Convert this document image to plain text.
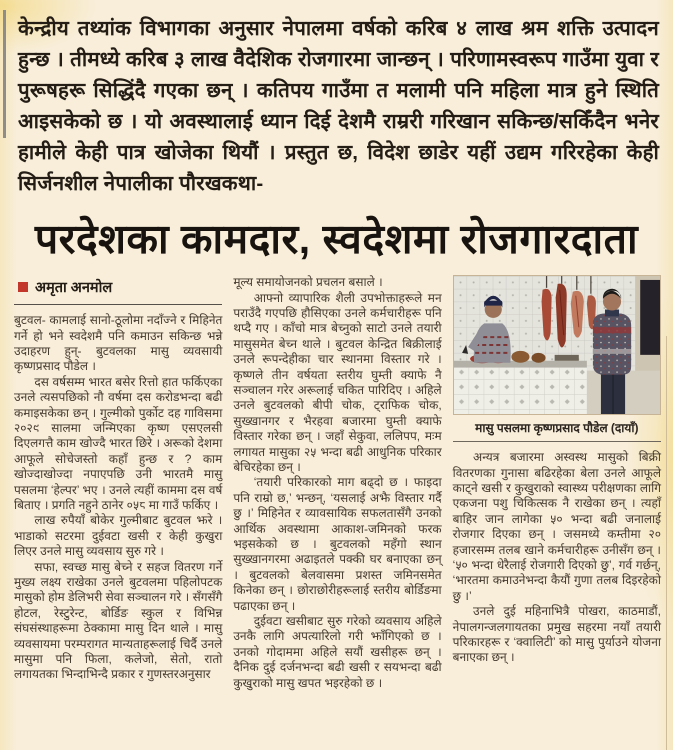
केन्द्रीय तथ्यांक विभागका अनुसार नेपालमा वर्षको करिब ४ लाख श्रम शक्ति उत्पादन हुन्छ । तीमध्ये करिब ३ लाख वैदेशिक रोजगारमा जान्छन् । परिणामस्वरूप गाउँमा युवा र पुरूषहरू सिद्धिंदै गएका छन् । कतिपय गाउँमा त मलामी पनि महिला मात्र हुने स्थिति आइसकेको छ । यो अवस्थालाई ध्यान दिई देशमै राम्ररी गरिखान सकिन्छ/सकिँदैन भनेर हामीले केही पात्र खोजेका थियौं । प्रस्तुत छ, विदेश छाडेर यहीं उद्यम गरिरहेका केही सिर्जनशील नेपालीका पौरखकथा-

परदेशका कामदार, स्वदेशमा रोजगारदाता
अमृता अनमोल

बुटवल- कामलाई सानो-ठूलोमा नदाँज्ने र मिहिनेत गर्ने हो भने स्वदेशमै पनि कमाउन सकिन्छ भन्ने उदाहरण हुन्- बुटवलका मासु व्यवसायी कृष्णप्रसाद पौडेल ।

दस वर्षसम्म भारत बसेर रित्तो हात फर्किएका उनले त्यसपछिको नौ वर्षमा दस करोडभन्दा बढी कमाइसकेका छन् । गुल्मीको पुर्कोट दह गाविसमा २०२९ सालमा जन्मिएका कृष्ण एसएलसी दिएलगत्तै काम खोज्दै भारत छिरे । अरूको देशमा आफूले सोचेजस्तो कहाँ हुन्छ र ? काम खोज्दाखोज्दा नपाएपछि उनी भारतमै मासु पसलमा ‘हेल्पर’ भए । उनले त्यहीं काममा दस वर्ष बिताए । प्रगति नहुने ठानेर ०५८ मा गाउँ फर्किए ।

लाख रुपैयाँ बोकेर गुल्मीबाट बुटवल झरे । भाडाको सटरमा दुईवटा खसी र केही कुखुरा लिएर उनले मासु व्यवसाय सुरु गरे ।

सफा, स्वच्छ मासु बेच्ने र सहज वितरण गर्ने मुख्य लक्ष्य राखेका उनले बुटवलमा पहिलोपटक मासुको होम डेलिभरी सेवा सञ्चालन गरे । सँगसँगै होटल, रेस्टुरेन्ट, बोर्डिङ स्कुल र विभिन्न संघसंस्थाहरूमा ठेक्कामा मासु दिन थाले । मासु व्यवसायमा परम्परागत मान्यताहरूलाई चिर्दै उनले मासुमा पनि फिला, कलेजो, सेतो, रातो लगायतका भिन्दाभिन्दै प्रकार र गुणस्तरअनुसार

मूल्य समायोजनको प्रचलन बसाले ।

आफ्नो व्यापारिक शैली उपभोक्ताहरूले मन पराउँदै गएपछि हौसिएका उनले कर्मचारीहरू पनि थप्दै गए । काँचो मात्र बेच्नुको साटो उनले तयारी मासुसमेत बेच्न थाले । बुटवल केन्द्रित बिक्रीलाई उनले रूपन्देहीका चार स्थानमा विस्तार गरे । कृष्णले तीन वर्षयता स्तरीय घुम्ती क्याफे नै सञ्चालन गरेर अरूलाई चकित पारिदिए । अहिले उनले बुटवलको बीपी चोक, ट्राफिक चोक, सुख्खानगर र भैरहवा बजारमा घुम्ती क्याफे विस्तार गरेका छन् । जहाँ सेकुवा, ललिपप, मःम लगायत मासुका २५ भन्दा बढी आधुनिक परिकार बेचिरहेका छन् ।

‘तयारी परिकारको माग बढ्दो छ । फाइदा पनि राम्रो छ,’ भन्छन्, ‘यसलाई अझै विस्तार गर्दै छु ।’ मिहिनेत र व्यावसायिक सफलतासँगै उनको आर्थिक अवस्थामा आकाश-जमिनको फरक भइसकेको छ । बुटवलको महँगो स्थान सुख्खानगरमा अढाइतले पक्की घर बनाएका छन् । बुटवलको बेलवासमा प्रशस्त जमिनसमेत किनेका छन् । छोराछोरीहरूलाई स्तरीय बोर्डिङमा पढाएका छन् ।

दुईवटा खसीबाट सुरु गरेको व्यवसाय अहिले उनकै लागि अपत्यारिलो गरी झाँगिएको छ । उनको गोदाममा अहिले सयौं खसीहरू छन् । दैनिक दुई दर्जनभन्दा बढी खसी र सयभन्दा बढी कुखुराको मासु खपत भइरहेको छ ।

मासु पसलमा कृष्णप्रसाद पौडेल (दायाँ)

अन्यत्र बजारमा अस्वस्थ मासुको बिक्री वितरणका गुनासा बढिरहेका बेला उनले आफूले काट्ने खसी र कुखुराको स्वास्थ्य परीक्षणका लागि एकजना पशु चिकित्सक नै राखेका छन् । त्यहाँ बाहिर जान लागेका ५० भन्दा बढी जनालाई रोजगार दिएका छन् । जसमध्ये कम्तीमा २० हजारसम्म तलब खाने कर्मचारीहरू उनीसँग छन् । ‘५० भन्दा धेरैलाई रोजगारी दिएको छु’, गर्व गर्छन्, ‘भारतमा कमाउनेभन्दा कैयौं गुणा तलब दिइरहेको छु ।’

उनले दुई महिनाभित्रै पोखरा, काठमाडौं, नेपालगन्जलगायतका प्रमुख सहरमा नयाँ तयारी परिकारहरू र ‘क्वालिटी’ को मासु पुर्याउने योजना बनाएका छन् ।
